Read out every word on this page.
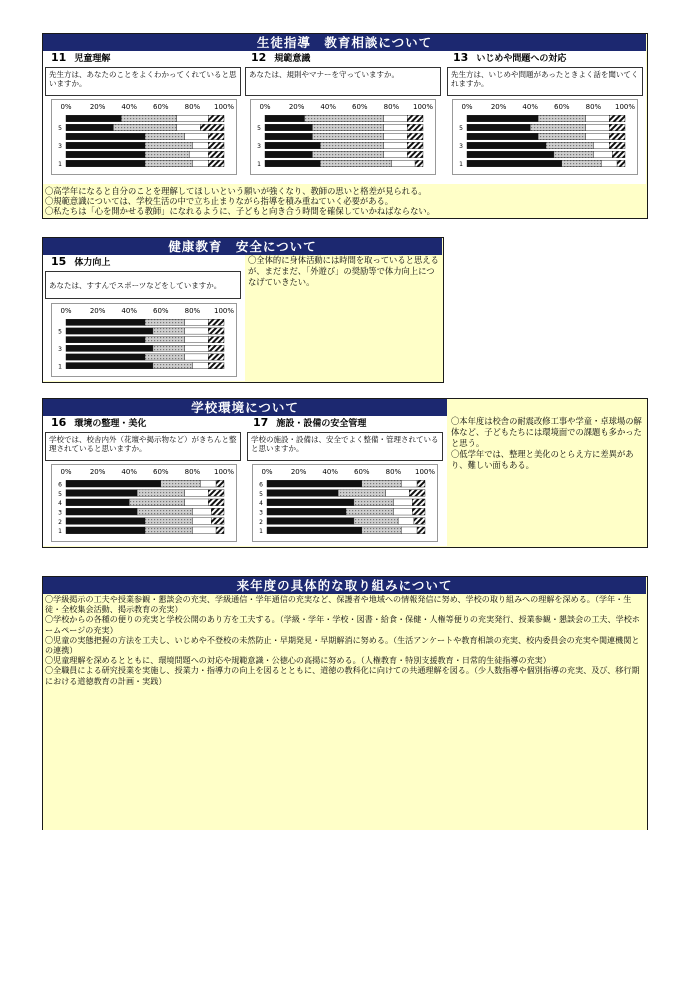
生徒指導　教育相談について
11 児童理解
先生方は、あなたのことをよくわかってくれていると思いますか。
0%	20% 40% 60% 80% 100%
1
3
5
12 規範意識
あなたは、規則やマナーを守っていますか。
0%	20% 40% 60% 80% 100%
1
3
5
13 いじめや問題への対応
先生方は、いじめや問題があったときよく話を聞いてくれますか。
0%	20% 40% 60% 80% 100%
1
3
5

〇高学年になると自分のことを理解してほしいという願いが強くなり、教師の思いと格差が見られる。

〇規範意識については、学校生活の中で立ち止まりながら指導を積み重ねていく必要がある。

〇私たちは「心を開かせる教師」になれるように、子どもと向き合う時間を確保していかねばならない。

健康教育　安全について
15 体力向上
あなたは、すすんでスポーツなどをしていますか。
0%	20% 40% 60% 80% 100%
1
3
5
〇全体的に身体活動には時間を取っていると思えるが、まだまだ、「外遊び」の奨励等で体力向上につなげていきたい。
学校環境について
16 環境の整理・美化
学校では、校舎内外（花壇や掲示物など）がきちんと整理されていると思いますか。
0%	20% 40% 60% 80% 100%
1
2
3
4
5
6
17 施設・設備の安全管理
学校の施設・設備は、安全でよく整備・管理されていると思いますか。
0%	20% 40% 60% 80% 100%
1
2
3
4
5
6

〇本年度は校舎の耐震改修工事や学童・卓球場の解体など、子どもたちには環境面での課題も多かったと思う。

〇低学年では、整理と美化のとらえ方に差異があり、難しい面もある。

来年度の具体的な取り組みについて

〇学級掲示の工夫や授業参観・懇談会の充実、学級通信・学年通信の充実など、保護者や地域への情報発信に努め、学校の取り組みへの理解を深める。（学年・生徒・全校集会活動、掲示教育の充実）

〇学校からの各種の便りの充実と学校公開のあり方を工夫する。（学級・学年・学校・図書・給食・保健・人権等便りの充実発行、授業参観・懇談会の工夫、学校ホームページの充実）

〇児童の実態把握の方法を工夫し、いじめや不登校の未然防止・早期発見・早期解消に努める。（生活アンケートや教育相談の充実、校内委員会の充実や関連機関との連携）

〇児童理解を深めるとともに、環境問題への対応や規範意識・公徳心の高揚に努める。（人権教育・特別支援教育・日常的生徒指導の充実）

〇全職員による研究授業を実施し、授業力・指導力の向上を図るとともに、道徳の教科化に向けての共通理解を図る。（少人数指導や個別指導の充実、及び、移行期における道徳教育の計画・実践）
